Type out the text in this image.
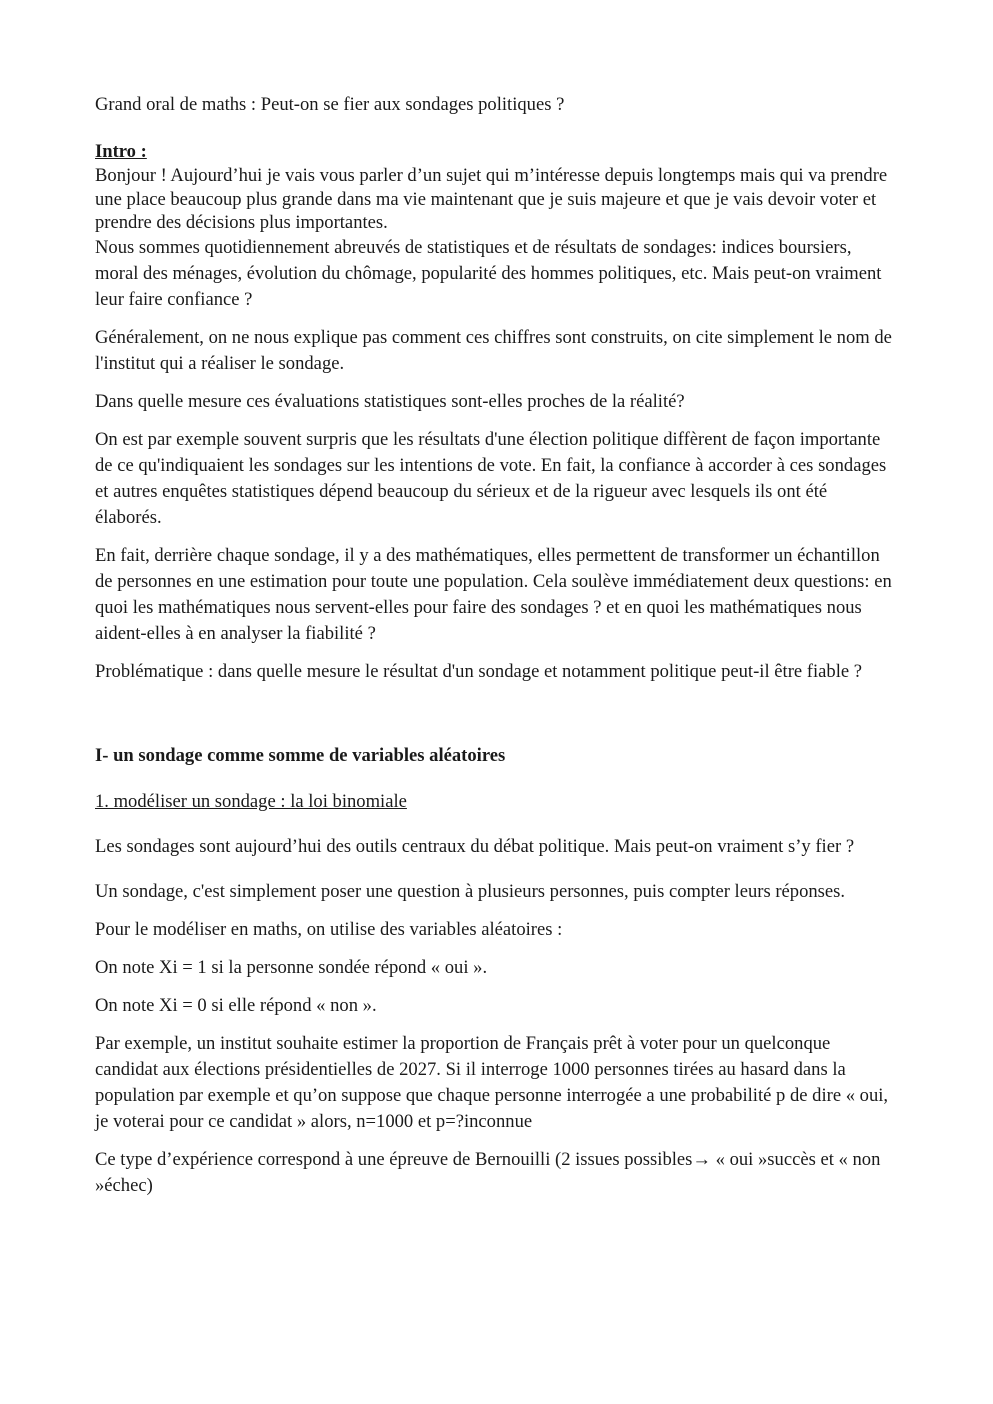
Grand oral de maths : Peut-on se fier aux sondages politiques ?

Intro :

Bonjour ! Aujourd’hui je vais vous parler d’un sujet qui m’intéresse depuis longtemps mais qui va prendre une place beaucoup plus grande dans ma vie maintenant que je suis majeure et que je vais devoir voter et prendre des décisions plus importantes.

Nous sommes quotidiennement abreuvés de statistiques et de résultats de sondages: indices boursiers, moral des ménages, évolution du chômage, popularité des hommes politiques, etc. Mais peut-on vraiment leur faire confiance ?

Généralement, on ne nous explique pas comment ces chiffres sont construits, on cite simplement le nom de l'institut qui a réaliser le sondage.

Dans quelle mesure ces évaluations statistiques sont-elles proches de la réalité?

On est par exemple souvent surpris que les résultats d'une élection politique diffèrent de façon importante de ce qu'indiquaient les sondages sur les intentions de vote. En fait, la confiance à accorder à ces sondages et autres enquêtes statistiques dépend beaucoup du sérieux et de la rigueur avec lesquels ils ont été élaborés.

En fait, derrière chaque sondage, il y a des mathématiques, elles permettent de transformer un échantillon de personnes en une estimation pour toute une population. Cela soulève immédiatement deux questions: en quoi les mathématiques nous servent-elles pour faire des sondages ? et en quoi les mathématiques nous aident-elles à en analyser la fiabilité ?

Problématique : dans quelle mesure le résultat d'un sondage et notamment politique peut-il être fiable ?

I- un sondage comme somme de variables aléatoires

1. modéliser un sondage : la loi binomiale

Les sondages sont aujourd’hui des outils centraux du débat politique. Mais peut-on vraiment s’y fier ?

Un sondage, c'est simplement poser une question à plusieurs personnes, puis compter leurs réponses.

Pour le modéliser en maths, on utilise des variables aléatoires :

On note Xi = 1 si la personne sondée répond « oui ».

On note Xi = 0 si elle répond « non ».

Par exemple, un institut souhaite estimer la proportion de Français prêt à voter pour un quelconque candidat aux élections présidentielles de 2027. Si il interroge 1000 personnes tirées au hasard dans la population par exemple et qu’on suppose que chaque personne interrogée a une probabilité p de dire « oui, je voterai pour ce candidat » alors, n=1000 et p=?inconnue

Ce type d’expérience correspond à une épreuve de Bernouilli (2 issues possibles→ « oui »succès et « non »échec)
